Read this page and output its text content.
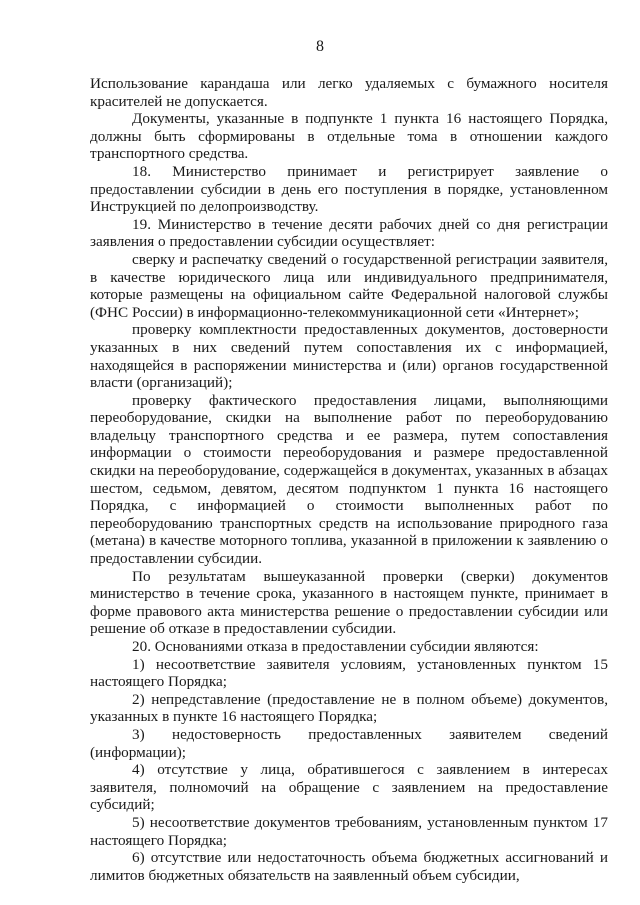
8

Использование карандаша или легко удаляемых с бумажного носителя красителей не допускается.

Документы, указанные в подпункте 1 пункта 16 настоящего Порядка, должны быть сформированы в отдельные тома в отношении каждого транспортного средства.

18. Министерство принимает и регистрирует заявление о предоставлении субсидии в день его поступления в порядке, установленном Инструкцией по делопроизводству.

19. Министерство в течение десяти рабочих дней со дня регистрации заявления о предоставлении субсидии осуществляет:

сверку и распечатку сведений о государственной регистрации заявителя, в качестве юридического лица или индивидуального предпринимателя, которые размещены на официальном сайте Федеральной налоговой службы (ФНС России) в информационно-телекоммуникационной сети «Интернет»;

проверку комплектности предоставленных документов, достоверности указанных в них сведений путем сопоставления их с информацией, находящейся в распоряжении министерства и (или) органов государственной власти (организаций);

проверку фактического предоставления лицами, выполняющими переоборудование, скидки на выполнение работ по переоборудованию владельцу транспортного средства и ее размера, путем сопоставления информации о стоимости переоборудования и размере предоставленной скидки на переоборудование, содержащейся в документах, указанных в абзацах шестом, седьмом, девятом, десятом подпунктом 1 пункта 16 настоящего Порядка, с информацией о стоимости выполненных работ по переоборудованию транспортных средств на использование природного газа (метана) в качестве моторного топлива, указанной в приложении к заявлению о предоставлении субсидии.

По результатам вышеуказанной проверки (сверки) документов министерство в течение срока, указанного в настоящем пункте, принимает в форме правового акта министерства решение о предоставлении субсидии или решение об отказе в предоставлении субсидии.

20. Основаниями отказа в предоставлении субсидии являются:

1) несоответствие заявителя условиям, установленных пунктом 15 настоящего Порядка;

2) непредставление (предоставление не в полном объеме) документов, указанных в пункте 16 настоящего Порядка;

3) недостоверность предоставленных заявителем сведений (информации);

4) отсутствие у лица, обратившегося с заявлением в интересах заявителя, полномочий на обращение с заявлением на предоставление субсидий;

5) несоответствие документов требованиям, установленным пунктом 17 настоящего Порядка;

6) отсутствие или недостаточность объема бюджетных ассигнований и лимитов бюджетных обязательств на заявленный объем субсидии,
